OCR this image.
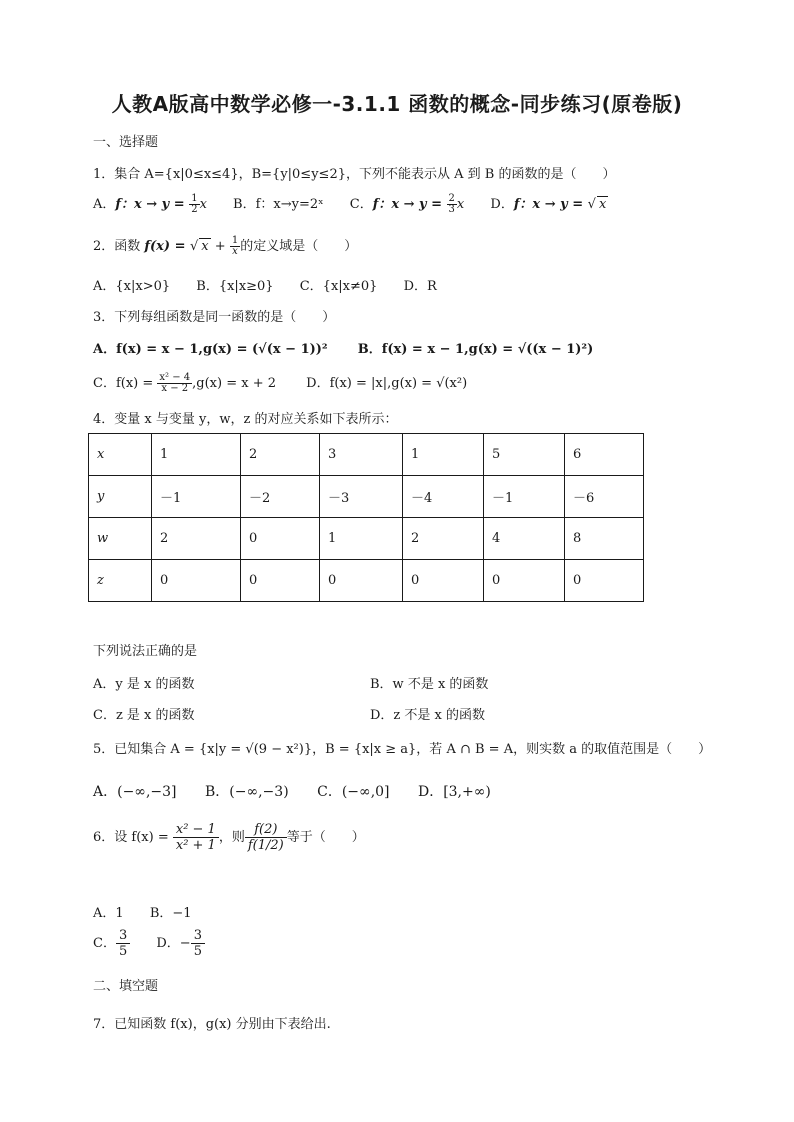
人教A版高中数学必修一-3.1.1 函数的概念-同步练习(原卷版)
一、选择题
1．集合 A={x|0≤x≤4}，B={y|0≤y≤2}，下列不能表示从 A 到 B 的函数的是（　　）
A．f：$x \to y = \frac{1}{2}$ x B．f：x→y=2ˣ C．f：$x \to y = \frac{2}{3}$ x D．f：x → y = √ x
2．函数 f(x) = √ $x + \frac{1}{x}$ 的定义域是（　　）
A．{x|x>0} B．{x|x≥0} C．{x|x≠0} D．R
3．下列每组函数是同一函数的是（　　）
A．f(x) = x − 1,g(x) = (√(x − 1))² B．f(x) = x − 1,g(x) = √((x − 1)²)
C．$f(x) = \frac{\text{x² − 4}}{x - 2} ,g(x) = x + 2$ D．f(x) = |x|,g(x) = √(x²)
4．变量 x 与变量 y，w，z 的对应关系如下表所示：
x	1	2	3	1	5	6
y	－1	－2	－3	－4	－1	－6
w	2	0	1	2	4	8
z	0	0	0	0	0	0
下列说法正确的是
A．y 是 x 的函数	B．w 不是 x 的函数
C．z 是 x 的函数	D．z 不是 x 的函数
5．已知集合 A = {x|y = √(9 − x²)}，B = {x|x ≥ a}，若 A ∩ B = A，则实数 a 的取值范围是（　　）
A．(−∞,−3] B．(−∞,−3) C．(−∞,0] D．[3,+∞)
6．设 $f(x) = \frac{\text{x² − 1}}{\text{x² + 1}}$ ，则 $\frac{f(2)}{f(1/2)}$ 等于（　　）
A．1 B．−1
C． $\frac{3}{5}$ D．− $\frac{3}{5}$
二、填空题
7．已知函数 f(x)，g(x) 分别由下表给出.
